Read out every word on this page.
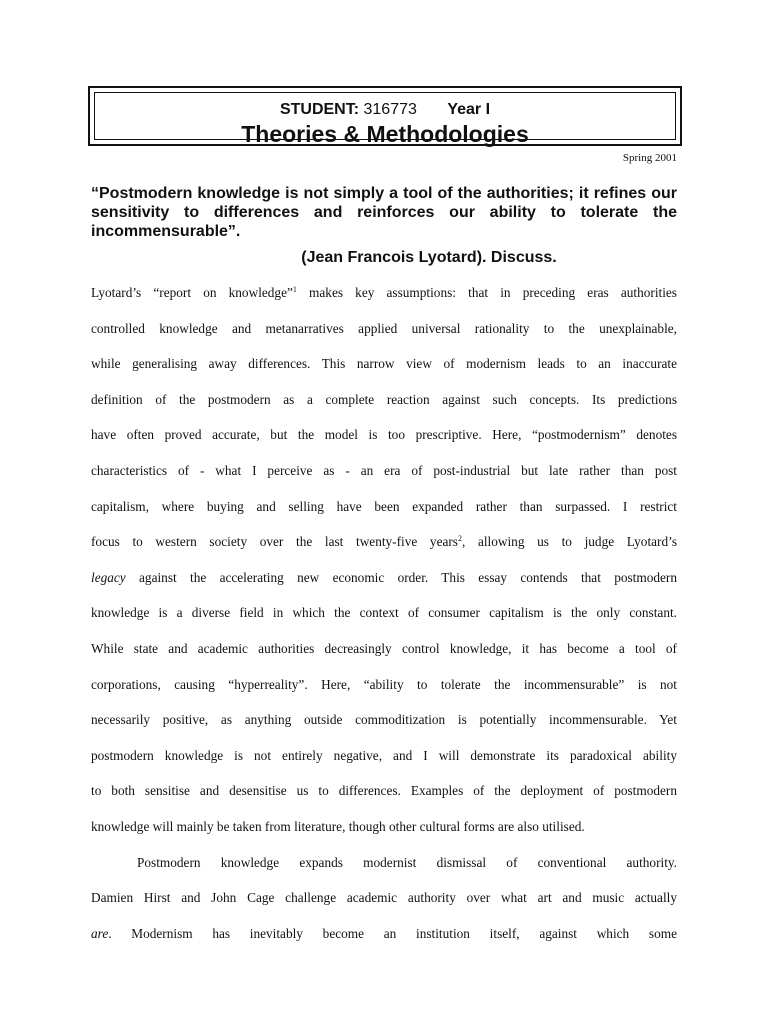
STUDENT: 316773 Year I
Theories & Methodologies
Spring 2001
“Postmodern knowledge is not simply a tool of the authorities; it refines our sensitivity to differences and reinforces our ability to tolerate the incommensurable”.
(Jean Francois Lyotard). Discuss.
Lyotard’s “report on knowledge”$^1$ makes key assumptions: that in preceding eras authorities
controlled knowledge and metanarratives applied universal rationality to the unexplainable,
while generalising away differences. This narrow view of modernism leads to an inaccurate
definition of the postmodern as a complete reaction against such concepts. Its predictions
have often proved accurate, but the model is too prescriptive. Here, “postmodernism” denotes
characteristics of - what I perceive as - an era of post-industrial but late rather than post
capitalism, where buying and selling have been expanded rather than surpassed. I restrict
focus to western society over the last twenty-five years$^2$, allowing us to judge Lyotard’s
legacy against the accelerating new economic order. This essay contends that postmodern
knowledge is a diverse field in which the context of consumer capitalism is the only constant.
While state and academic authorities decreasingly control knowledge, it has become a tool of
corporations, causing “hyperreality”. Here, “ability to tolerate the incommensurable” is not
necessarily positive, as anything outside commoditization is potentially incommensurable. Yet
postmodern knowledge is not entirely negative, and I will demonstrate its paradoxical ability
to both sensitise and desensitise us to differences. Examples of the deployment of postmodern
knowledge will mainly be taken from literature, though other cultural forms are also utilised.
Postmodern knowledge expands modernist dismissal of conventional authority.
Damien Hirst and John Cage challenge academic authority over what art and music actually
are. Modernism has inevitably become an institution itself, against which some
